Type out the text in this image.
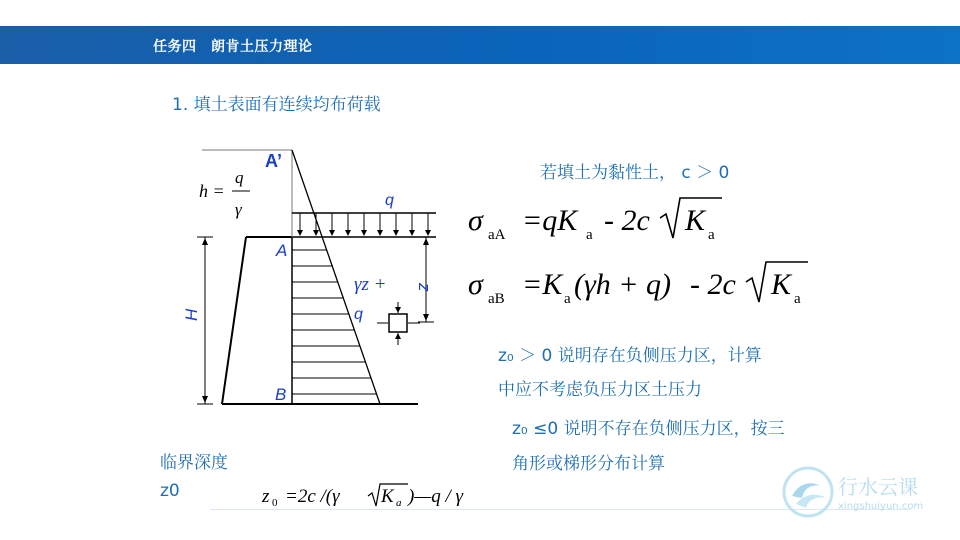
任务四　朗肯土压力理论
1. 填土表面有连续均布荷载
A’
A
B
H
z
q
q
γz +
h =
q
γ
若填土为黏性土， c ＞ 0
σ aA =qK a - 2c K a
σ aB =K a (γh + q) - 2c K a
z₀ ＞ 0 说明存在负侧压力区，计算
中应不考虑负压力区土压力
z₀ ≤0 说明不存在负侧压力区，按三
角形或梯形分布计算
临界深度
z0	z 0 =2c /(γ K a )—q / γ	行水云课
xingshuiyun.com
